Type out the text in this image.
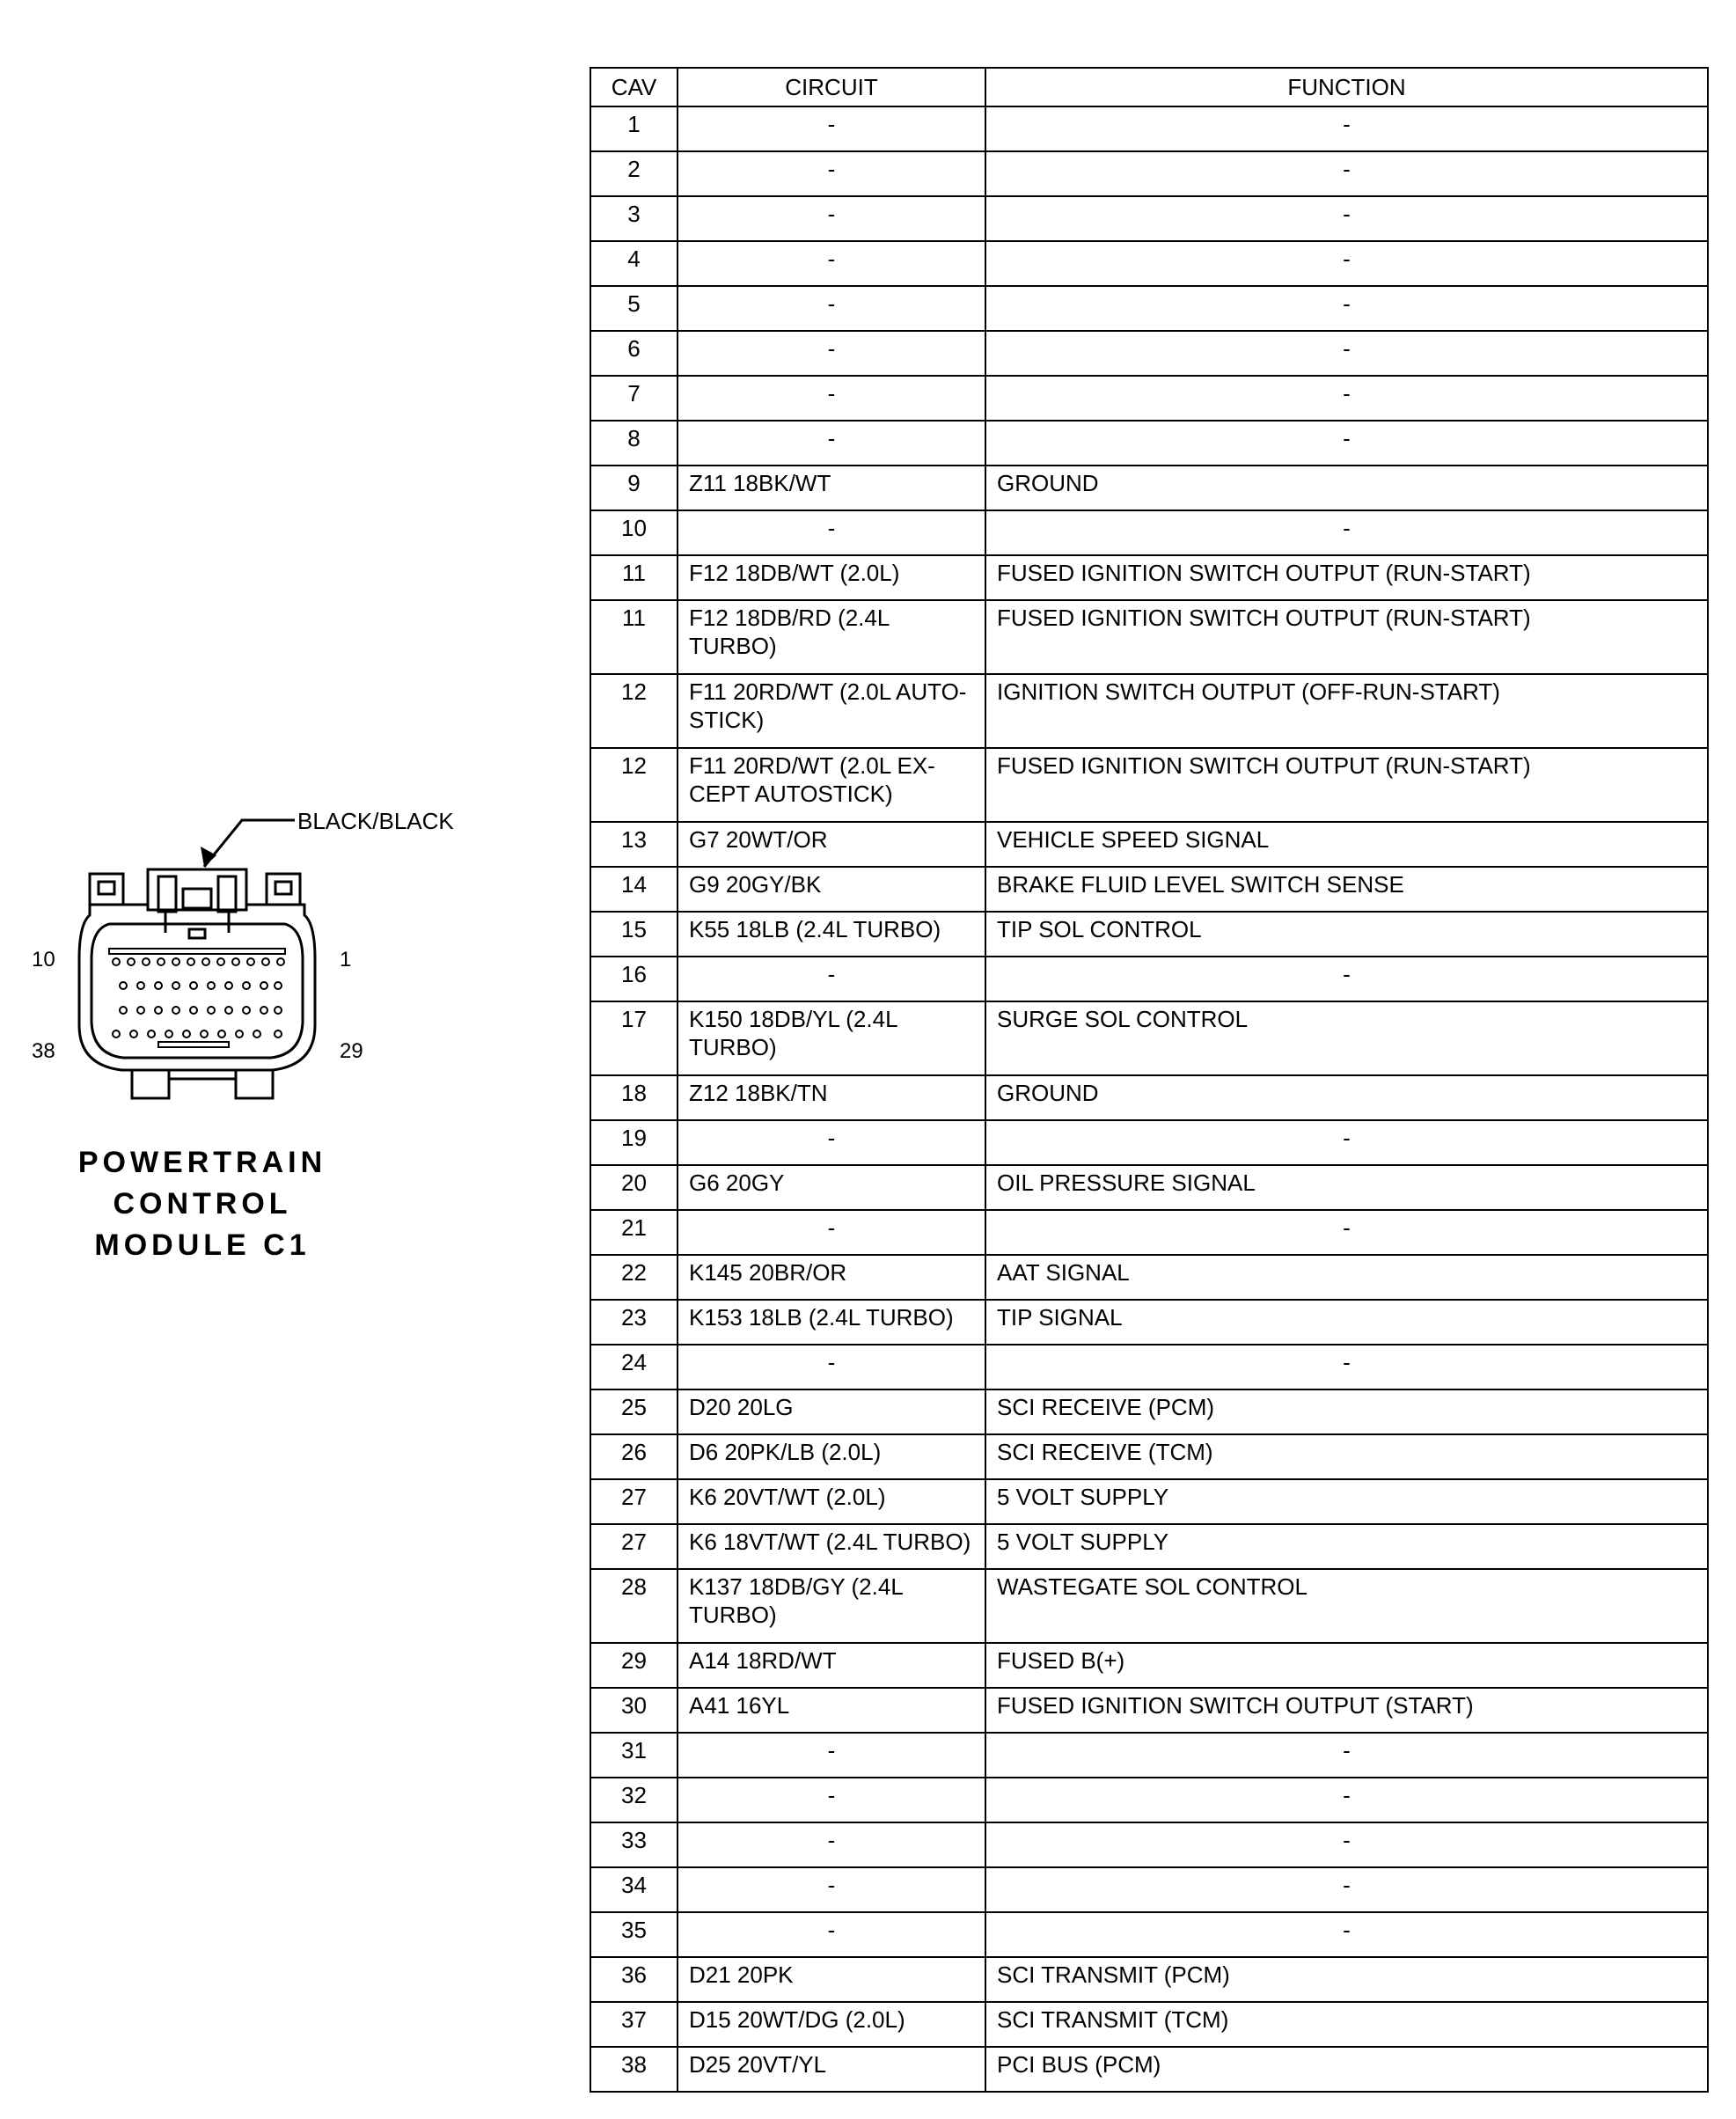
BLACK/BLACK
10	1
38	29
POWERTRAIN
CONTROL
MODULE C1
CAV	CIRCUIT	FUNCTION
1	-	-
2	-	-
3	-	-
4	-	-
5	-	-
6	-	-
7	-	-
8	-	-
9	Z11 18BK/WT	GROUND
10	-	-
11	F12 18DB/WT (2.0L)	FUSED IGNITION SWITCH OUTPUT (RUN-START)
11	F12 18DB/RD (2.4L TURBO)	FUSED IGNITION SWITCH OUTPUT (RUN-START)
12	F11 20RD/WT (2.0L AUTO-STICK)	IGNITION SWITCH OUTPUT (OFF-RUN-START)
12	F11 20RD/WT (2.0L EX-CEPT AUTOSTICK)	FUSED IGNITION SWITCH OUTPUT (RUN-START)
13	G7 20WT/OR	VEHICLE SPEED SIGNAL
14	G9 20GY/BK	BRAKE FLUID LEVEL SWITCH SENSE
15	K55 18LB (2.4L TURBO)	TIP SOL CONTROL
16	-	-
17	K150 18DB/YL (2.4L TURBO)	SURGE SOL CONTROL
18	Z12 18BK/TN	GROUND
19	-	-
20	G6 20GY	OIL PRESSURE SIGNAL
21	-	-
22	K145 20BR/OR	AAT SIGNAL
23	K153 18LB (2.4L TURBO)	TIP SIGNAL
24	-	-
25	D20 20LG	SCI RECEIVE (PCM)
26	D6 20PK/LB (2.0L)	SCI RECEIVE (TCM)
27	K6 20VT/WT (2.0L)	5 VOLT SUPPLY
27	K6 18VT/WT (2.4L TURBO)	5 VOLT SUPPLY
28	K137 18DB/GY (2.4L TURBO)	WASTEGATE SOL CONTROL
29	A14 18RD/WT	FUSED B(+)
30	A41 16YL	FUSED IGNITION SWITCH OUTPUT (START)
31	-	-
32	-	-
33	-	-
34	-	-
35	-	-
36	D21 20PK	SCI TRANSMIT (PCM)
37	D15 20WT/DG (2.0L)	SCI TRANSMIT (TCM)
38	D25 20VT/YL	PCI BUS (PCM)
